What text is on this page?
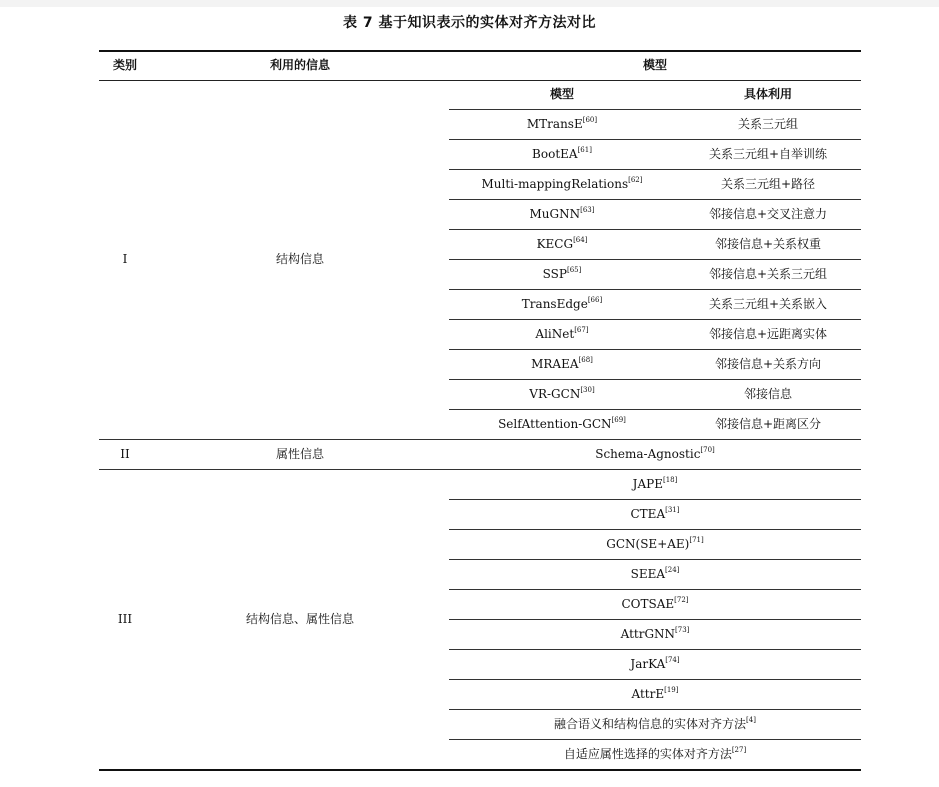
表 7 基于知识表示的实体对齐方法对比
类别	利用的信息	模型	
I	结构信息	模型	具体利用
		MTransE[60]	关系三元组
		BootEA[61]	关系三元组+自举训练
		Multi-mappingRelations[62]	关系三元组+路径
		MuGNN[63]	邻接信息+交叉注意力
		KECG[64]	邻接信息+关系权重
		SSP[65]	邻接信息+关系三元组
		TransEdge[66]	关系三元组+关系嵌入
		AliNet[67]	邻接信息+远距离实体
		MRAEA[68]	邻接信息+关系方向
		VR-GCN[30]	邻接信息
		SelfAttention-GCN[69]	邻接信息+距离区分
II	属性信息	Schema-Agnostic[70]
III	结构信息、属性信息	JAPE[18]
		CTEA[31]
		GCN(SE+AE)[71]
		SEEA[24]
		COTSAE[72]
		AttrGNN[73]
		JarKA[74]
		AttrE[19]
		融合语义和结构信息的实体对齐方法[4]
		自适应属性选择的实体对齐方法[27]
